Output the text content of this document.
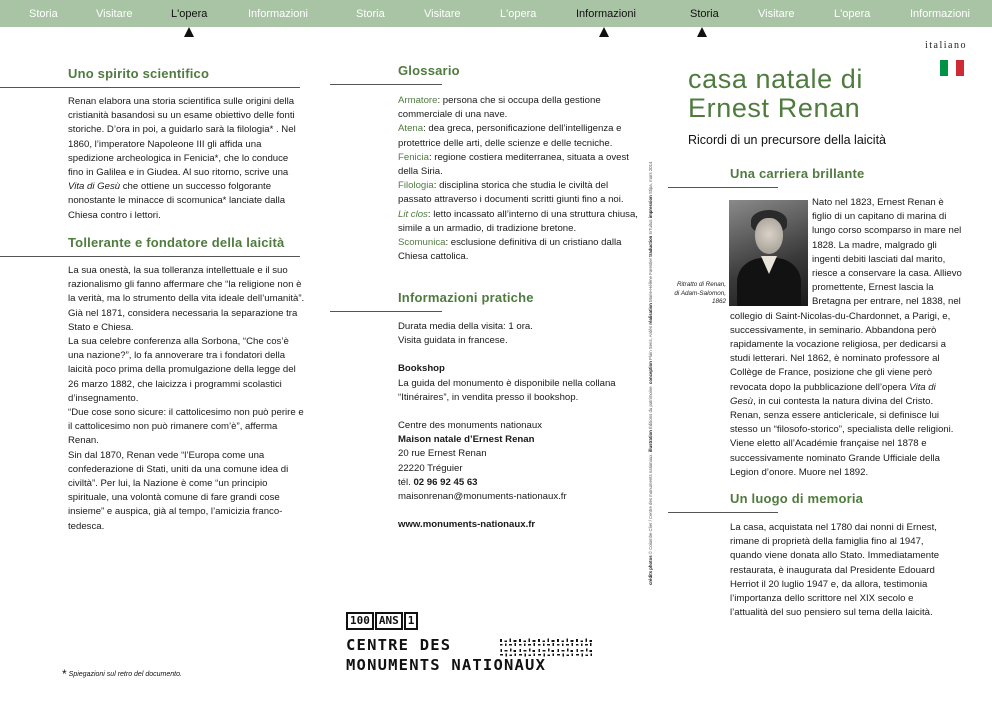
Storia	Visitare	L'opera	Informazioni	Storia	Visitare	L'opera	Informazioni	Storia	Visitare	L'opera	Informazioni
Uno spirito scientifico
Renan elabora una storia scientifica sulle origini della cristianità basandosi su un esame obiettivo delle fonti storiche. D’ora in poi, a guidarlo sarà la filologia* . Nel 1860, l’imperatore Napoleone III gli affida una spedizione archeologica in Fenicia*, che lo conduce fino in Galilea e in Giudea. Al suo ritorno, scrive una Vita di Gesù che ottiene un successo folgorante nonostante le minacce di scomunica* lanciate dalla Chiesa contro i lettori.
Tollerante e fondatore della laicità

La sua onestà, la sua tolleranza intellettuale e il suo razionalismo gli fanno affermare che “la religione non è la verità, ma lo strumento della vita ideale dell’umanità”. Già nel 1871, considera necessaria la separazione tra Stato e Chiesa.

La sua celebre conferenza alla Sorbona, “Che cos’è una nazione?”, lo fa annoverare tra i fondatori della laicità poco prima della promulgazione della legge del 26 marzo 1882, che laicizza i programmi scolastici d’insegnamento.

“Due cose sono sicure: il cattolicesimo non può perire e il cattolicesimo non può rimanere com’è”, afferma Renan.

Sin dal 1870, Renan vede “l’Europa come una confederazione di Stati, uniti da una comune idea di civiltà”. Per lui, la Nazione è come “un principio spirituale, una volontà comune di fare grandi cose insieme” e auspica, già al tempo, l’amicizia franco-tedesca.

* Spiegazioni sul retro del documento.
Glossario

Armatore: persona che si occupa della gestione commerciale di una nave.

Atena: dea greca, personificazione dell’intelligenza e protettrice delle arti, delle scienze e delle tecniche.

Fenicia: regione costiera mediterranea, situata a ovest della Siria.

Filologia: disciplina storica che studia le civiltà del passato attraverso i documenti scritti giunti fino a noi.

Lit clos: letto incassato all’interno di una struttura chiusa, simile a un armadio, di tradizione bretone.

Scomunica: esclusione definitiva di un cristiano dalla Chiesa cattolica.

Informazioni pratiche

Durata media della visita: 1 ora.

Visita guidata in francese.

Bookshop

La guida del monumento è disponibile nella collana “Itinéraires”, in vendita presso il bookshop.

Centre des monuments nationaux

Maison natale d’Ernest Renan

20 rue Ernest Renan

22220 Tréguier

tél. 02 96 92 45 63

maisonrenan@monuments-nationaux.fr

www.monuments-nationaux.fr

crédits photos © Colombe Clier / Centre des monuments nationaux. illustration Éditions du patrimoine. conception Plain Sens, Ardèn réalisation Marie-Hélène Forestier traduction InTuitus impression Stipa, mars 2014
100 ANS 1
CENTRE DES
MONUMENTS NATIONAUX
italiano
casa natale di
Ernest Renan
Ricordi di un precursore della laicità
Una carriera brillante
Ritratto di Renan,
di Adam-Salomon,
1862
Nato nel 1823, Ernest Renan è figlio di un capitano di marina di lungo corso scomparso in mare nel 1828. La madre, malgrado gli ingenti debiti lasciati dal marito, riesce a conservare la casa. Allievo promettente, Ernest lascia la Bretagna per entrare, nel 1838, nel collegio di Saint-Nicolas-du-Chardonnet, a Parigi, e, successivamente, in seminario. Abbandona però rapidamente la vocazione religiosa, per dedicarsi a studi letterari. Nel 1862, è nominato professore al Collège de France, posizione che gli viene però revocata dopo la pubblicazione dell’opera Vita di Gesù, in cui contesta la natura divina del Cristo. Renan, senza essere anticlericale, si definisce lui stesso un “filosofo-storico”, specialista delle religioni. Viene eletto all’Académie française nel 1878 e successivamente nominato Grande Ufficiale della Legion d’onore. Muore nel 1892.
Un luogo di memoria
La casa, acquistata nel 1780 dai nonni di Ernest, rimane di proprietà della famiglia fino al 1947, quando viene donata allo Stato. Immediatamente restaurata, è inaugurata dal Presidente Edouard Herriot il 20 luglio 1947 e, da allora, testimonia l’importanza dello scrittore nel XIX secolo e l’attualità del suo pensiero sul tema della laicità.
